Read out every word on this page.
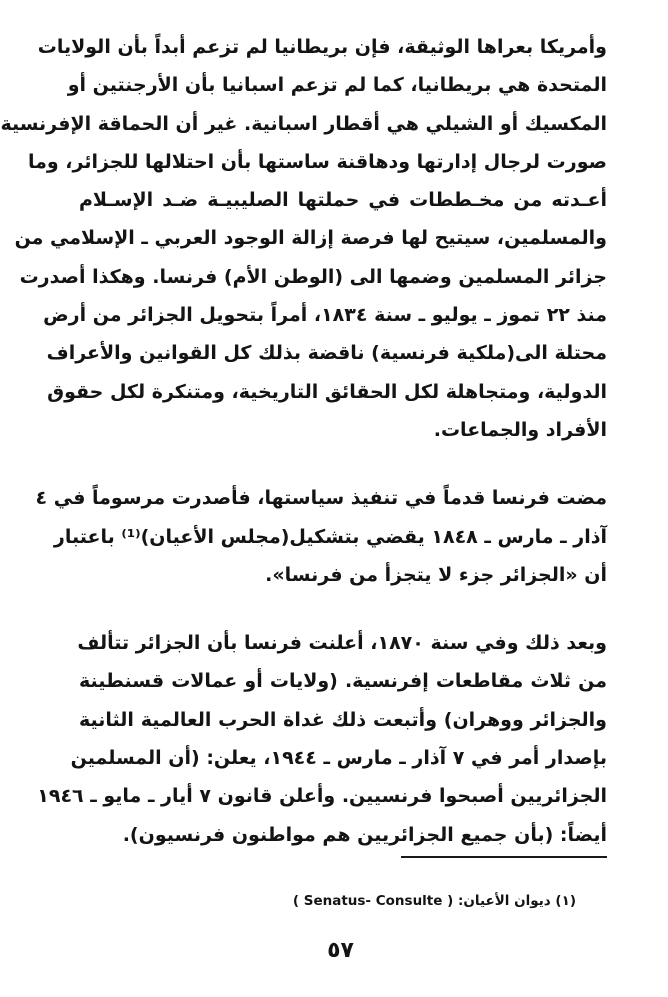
وأمريكا بعراها الوثيقة، فإن بريطانيا لم تزعم أبداً بأن الولايات
المتحدة هي بريطانيا، كما لم تزعم اسبانيا بأن الأرجنتين أو
المكسيك أو الشيلي هي أقطار اسبانية. غير أن الحماقة الإفرنسية
صورت لرجال إدارتها ودهاقنة ساستها بأن احتلالها للجزائر، وما
أعـدته من مخـططات في حملتها الصليبيـة ضـد الإسـلام
والمسلمين، سيتيح لها فرصة إزالة الوجود العربي ـ الإسلامي من
جزائر المسلمين وضمها الى (الوطن الأم) فرنسا. وهكذا أصدرت
منذ ٢٢ تموز ـ يوليو ـ سنة ١٨٣٤، أمراً بتحويل الجزائر من أرض
محتلة الى(ملكية فرنسية) ناقضة بذلك كل القوانين والأعراف
الدولية، ومتجاهلة لكل الحقائق التاريخية، ومتنكرة لكل حقوق
الأفراد والجماعات.
مضت فرنسا قدماً في تنفيذ سياستها، فأصدرت مرسوماً في ٤
آذار ـ مارس ـ ١٨٤٨ يقضي بتشكيل(مجلس الأعيان)⁽¹⁾ باعتبار
أن «الجزائر جزء لا يتجزأ من فرنسا».
وبعد ذلك وفي سنة ١٨٧٠، أعلنت فرنسا بأن الجزائر تتألف
من ثلاث مقاطعات إفرنسية. (ولايات أو عمالات قسنطينة
والجزائر ووهران) وأتبعت ذلك غداة الحرب العالمية الثانية
بإصدار أمر في ٧ آذار ـ مارس ـ ١٩٤٤، يعلن: (أن المسلمين
الجزائريين أصبحوا فرنسيين. وأعلن قانون ٧ أيار ـ مايو ـ ١٩٤٦
أيضاً: (بأن جميع الجزائريين هم مواطنون فرنسيون).
(١) ديوان الأعيان: ( Senatus- Consulte )
٥٧
